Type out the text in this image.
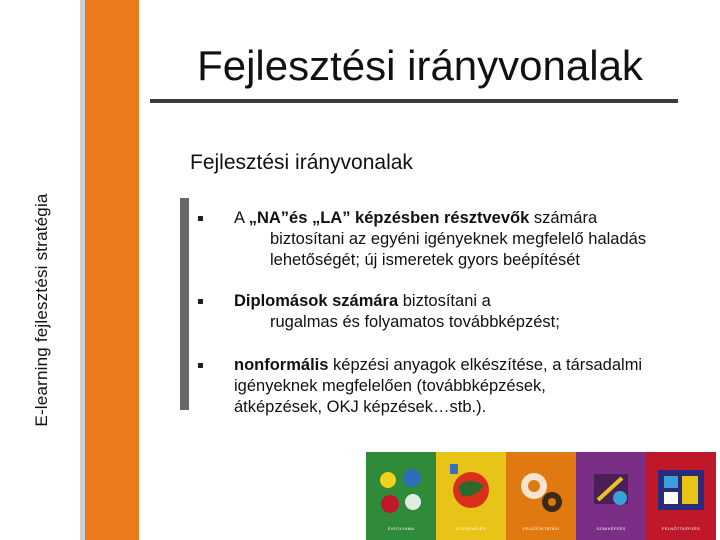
E-learning fejlesztési stratégia
Fejlesztési irányvonalak
Fejlesztési irányvonalak
A „NA”és „LA” képzésben résztvevők számára
biztosítani az egyéni igényeknek megfelelő haladás
lehetőségét; új ismeretek gyors beépítését
Diplomások számára biztosítani a
rugalmas és folyamatos továbbképzést;
nonformális képzési anyagok elkészítése, a társadalmi
igényeknek megfelelően (továbbképzések,
átképzések, OKJ képzések…stb.).
ÉVFOLYAMA	KÖZNEVELÉS	FELSŐOKTATÁSI	SZAKKÉPZÉS	FELNŐTTKÉPZÉS
